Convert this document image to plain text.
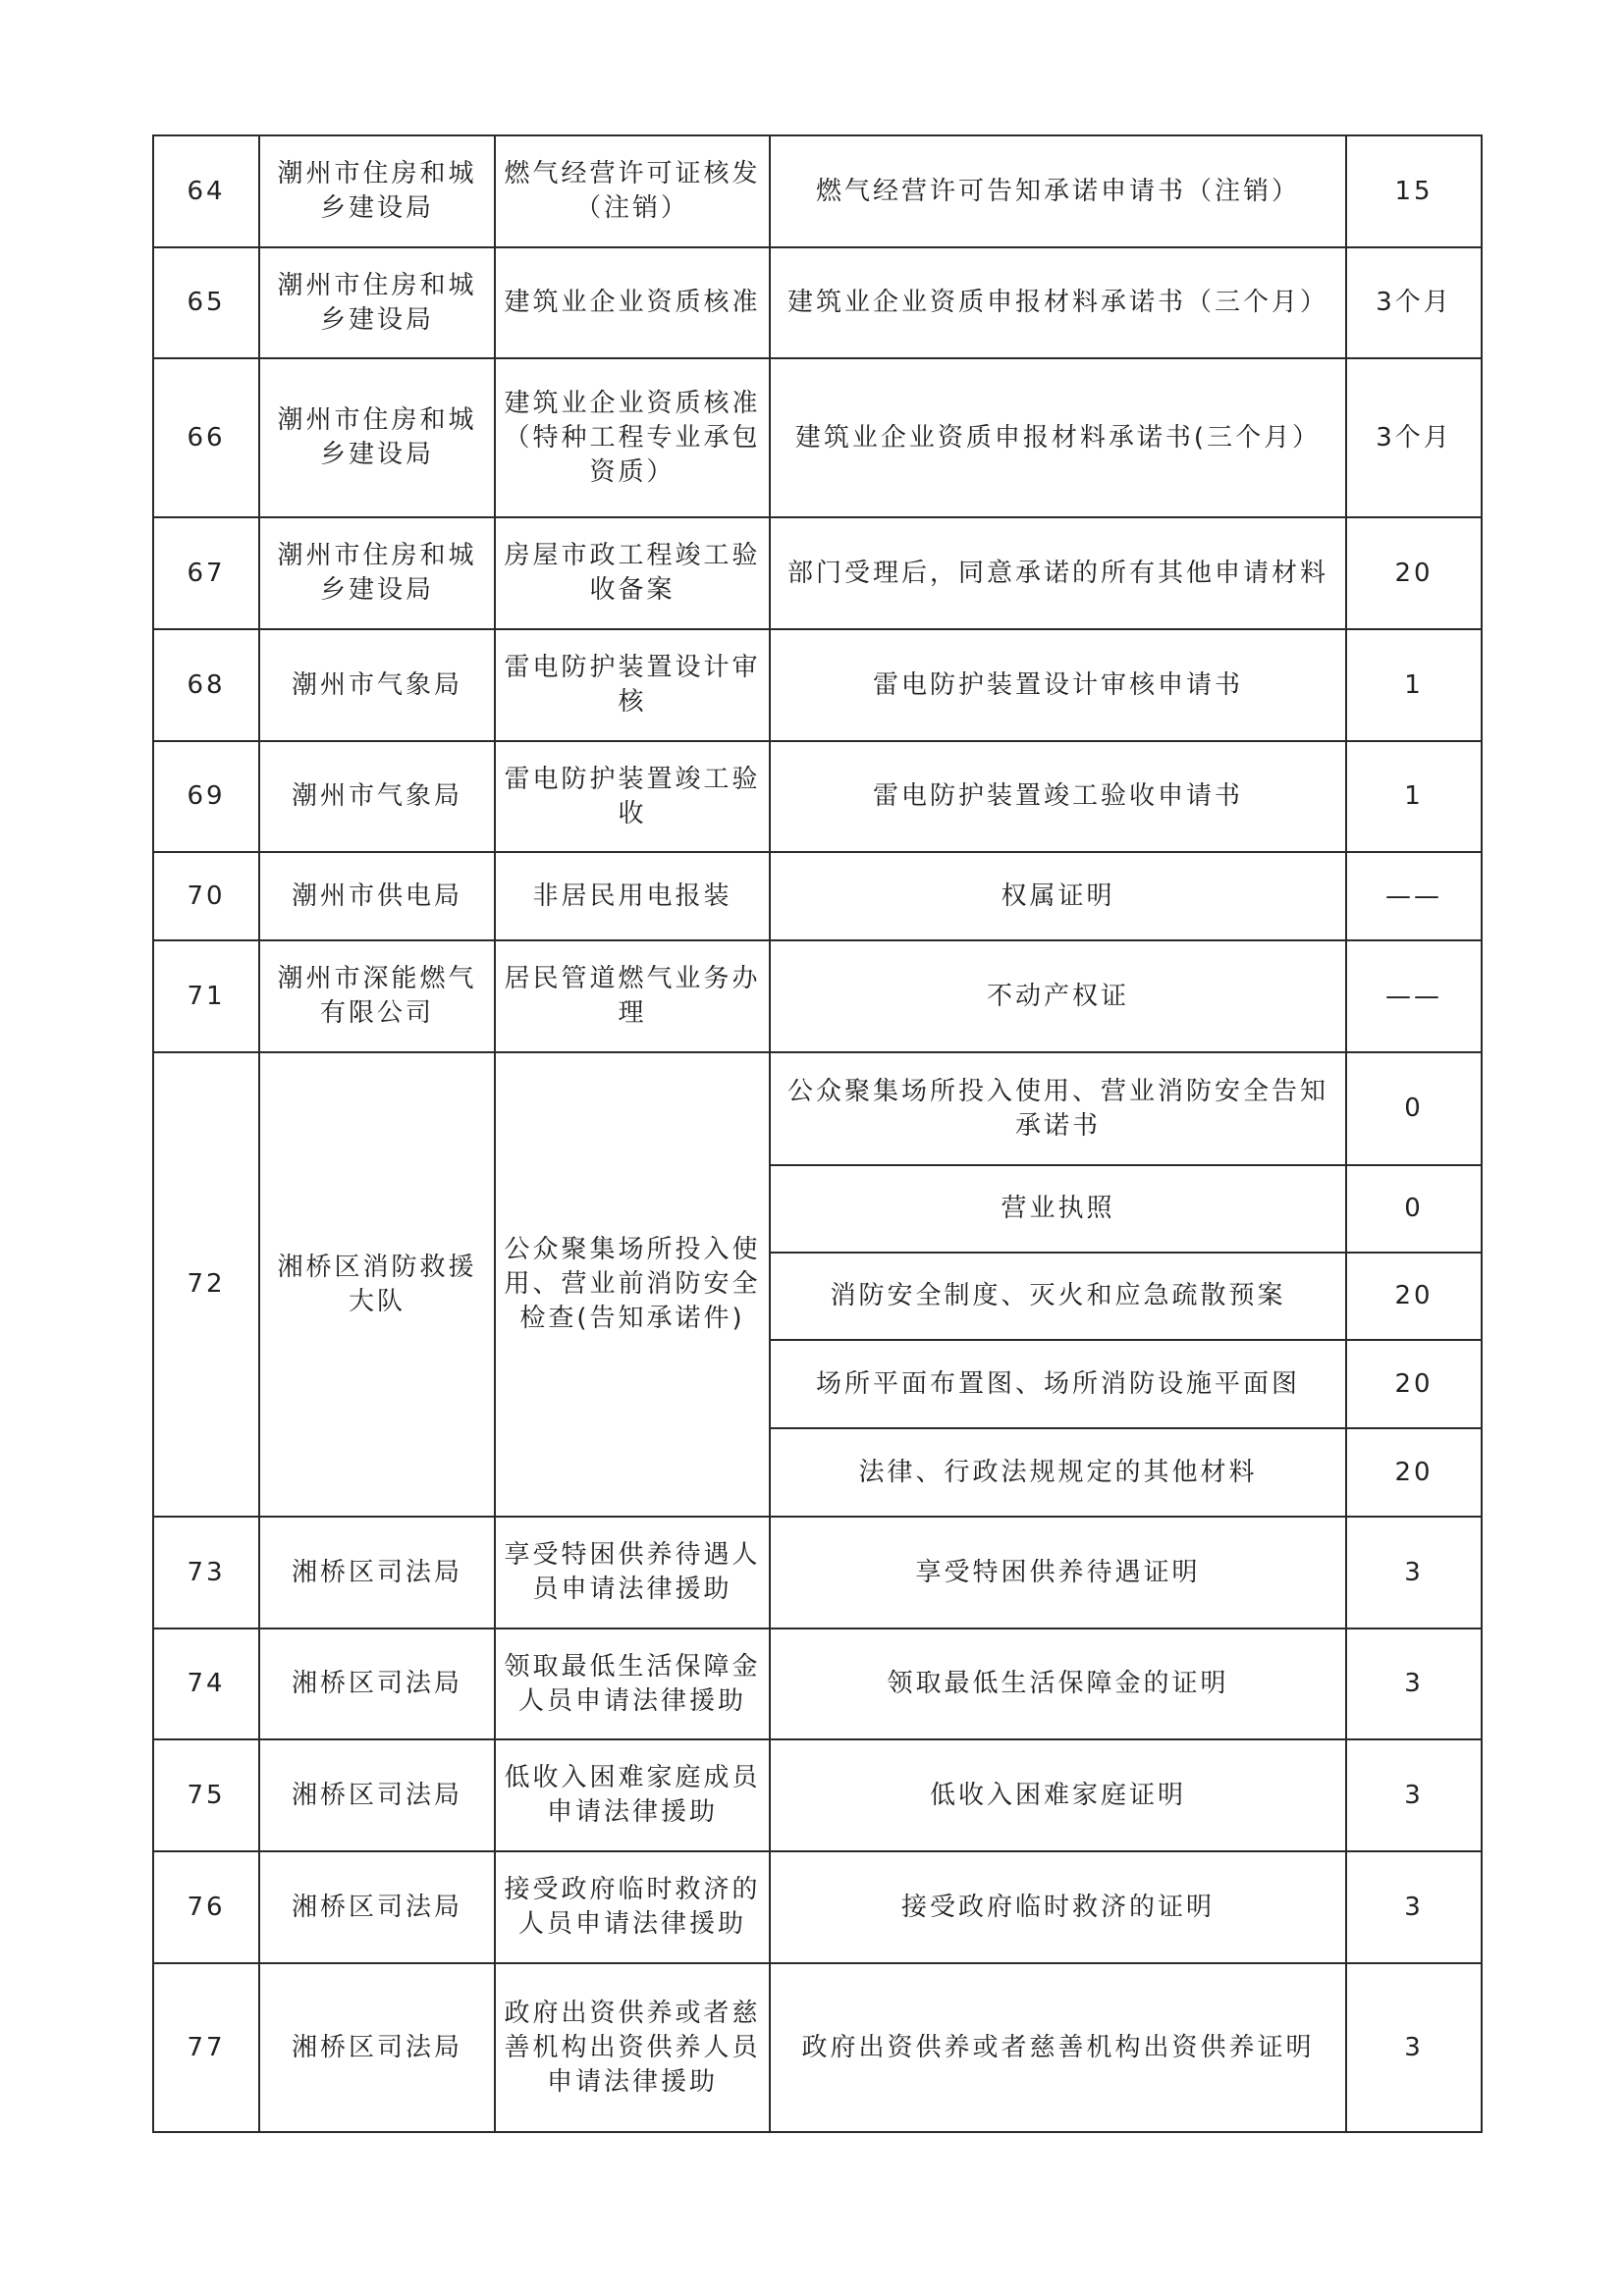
64	潮州市住房和城乡建设局	燃气经营许可证核发（注销）	燃气经营许可告知承诺申请书（注销）	15
65	潮州市住房和城乡建设局	建筑业企业资质核准	建筑业企业资质申报材料承诺书（三个月）	3个月
66	潮州市住房和城乡建设局	建筑业企业资质核准（特种工程专业承包资质）	建筑业企业资质申报材料承诺书(三个月）	3个月
67	潮州市住房和城乡建设局	房屋市政工程竣工验收备案	部门受理后，同意承诺的所有其他申请材料	20
68	潮州市气象局	雷电防护装置设计审核	雷电防护装置设计审核申请书	1
69	潮州市气象局	雷电防护装置竣工验收	雷电防护装置竣工验收申请书	1
70	潮州市供电局	非居民用电报装	权属证明	——
71	潮州市深能燃气有限公司	居民管道燃气业务办理	不动产权证	——
72	湘桥区消防救援大队	公众聚集场所投入使用、营业前消防安全检查(告知承诺件)	公众聚集场所投入使用、营业消防安全告知承诺书	0
			营业执照	0
			消防安全制度、灭火和应急疏散预案	20
			场所平面布置图、场所消防设施平面图	20
			法律、行政法规规定的其他材料	20
73	湘桥区司法局	享受特困供养待遇人员申请法律援助	享受特困供养待遇证明	3
74	湘桥区司法局	领取最低生活保障金人员申请法律援助	领取最低生活保障金的证明	3
75	湘桥区司法局	低收入困难家庭成员申请法律援助	低收入困难家庭证明	3
76	湘桥区司法局	接受政府临时救济的人员申请法律援助	接受政府临时救济的证明	3
77	湘桥区司法局	政府出资供养或者慈善机构出资供养人员申请法律援助	政府出资供养或者慈善机构出资供养证明	3
